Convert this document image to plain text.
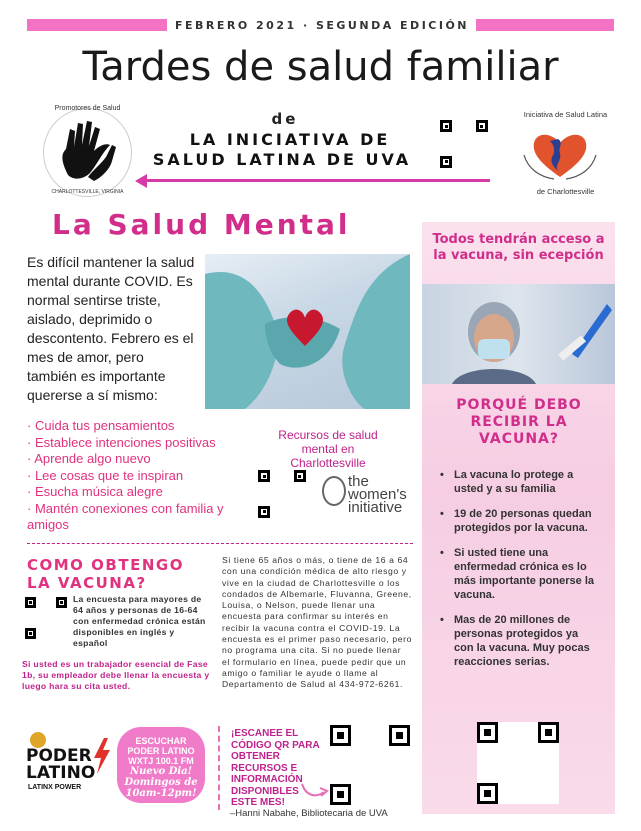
FEBRERO 2021 · SEGUNDA EDICIÓN
Tardes de salud familiar
Promotores de Salud
CHARLOTTESVILLE, VIRGINIA
de
LA INICIATIVA DE
SALUD LATINA DE UVA
Iniciativa de Salud Latina
de Charlottesville
La Salud Mental
Es difícil mantener la salud mental durante COVID. Es normal sentirse triste, aislado, deprimido o descontento. Febrero es el mes de amor, pero también es importante quererse a sí mismo:
· Cuida tus pensamientos
· Establece intenciones positivas
· Aprende algo nuevo
· Lee cosas que te inspiran
· Esucha música alegre
· Mantén conexiones con familia y amigos
Recursos de salud mental en Charlottesville
the
women's
initiative
COMO OBTENGO LA VACUNA?
La encuesta para mayores de 64 años y personas de 16-64 con enfermedad crónica están disponibles en inglés y español
Si usted es un trabajador esencial de Fase 1b, su empleador debe llenar la encuesta y luego hara su cita usted.
Si tiene 65 años o más, o tiene de 16 a 64 con una condición médica de alto riesgo y vive en la ciudad de Charlottesville o los condados de Albemarle, Fluvanna, Greene, Louisa, o Nelson, puede llenar una encuesta para confirmar su interés en recibir la vacuna contra el COVID-19. La encuesta es el primer paso necesario, pero no programa una cita. Si no puede llenar el formulario en línea, puede pedir que un amigo o familiar le ayude o llame al Departamento de Salud al 434-972-6261.
PODER
LATINO
LATINX POWER
ESCUCHAR
PODER LATINO
WXTJ 100.1 FM
Nuevo Dia!
Domingos de
10am-12pm!
¡ESCANEE EL CÓDIGO QR PARA OBTENER RECURSOS E INFORMACIÓN DISPONIBLES ESTE MES!
–Hanni Nabahe, Bibliotecaria de UVA
Todos tendrán acceso a la vacuna, sin ecepción
PORQUÉ DEBO RECIBIR LA VACUNA?
• La vacuna lo protege a usted y a su familia
• 19 de 20 personas quedan protegidos por la vacuna.
• Si usted tiene una enfermedad crónica es lo más importante ponerse la vacuna.
• Mas de 20 millones de personas protegidos ya con la vacuna. Muy pocas reacciones serias.
